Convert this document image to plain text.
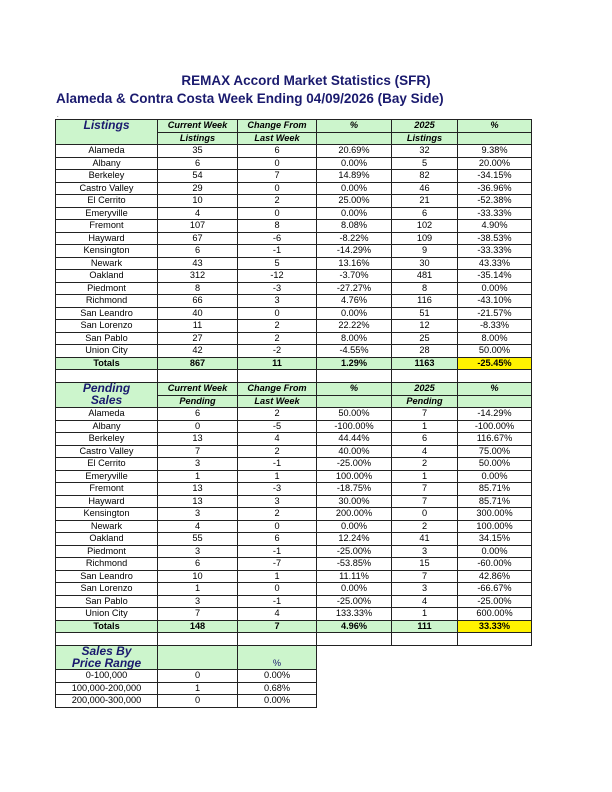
REMAX Accord Market Statistics (SFR)
Alameda & Contra Costa Week Ending 04/09/2026 (Bay Side)
.
Listings	Current Week	Change From	%	2025	%
	Listings	Last Week		Listings	
Alameda	35	6	20.69%	32	9.38%
Albany	6	0	0.00%	5	20.00%
Berkeley	54	7	14.89%	82	-34.15%
Castro Valley	29	0	0.00%	46	-36.96%
El Cerrito	10	2	25.00%	21	-52.38%
Emeryville	4	0	0.00%	6	-33.33%
Fremont	107	8	8.08%	102	4.90%
Hayward	67	-6	-8.22%	109	-38.53%
Kensington	6	-1	-14.29%	9	-33.33%
Newark	43	5	13.16%	30	43.33%
Oakland	312	-12	-3.70%	481	-35.14%
Piedmont	8	-3	-27.27%	8	0.00%
Richmond	66	3	4.76%	116	-43.10%
San Leandro	40	0	0.00%	51	-21.57%
San Lorenzo	11	2	22.22%	12	-8.33%
San Pablo	27	2	8.00%	25	8.00%
Union City	42	-2	-4.55%	28	50.00%
Totals	867	11	1.29%	1163	-25.45%

Pending	Current Week	Change From	%	2025	%
Sales	Pending	Last Week		Pending	
Alameda	6	2	50.00%	7	-14.29%
Albany	0	-5	-100.00%	1	-100.00%
Berkeley	13	4	44.44%	6	116.67%
Castro Valley	7	2	40.00%	4	75.00%
El Cerrito	3	-1	-25.00%	2	50.00%
Emeryville	1	1	100.00%	1	0.00%
Fremont	13	-3	-18.75%	7	85.71%
Hayward	13	3	30.00%	7	85.71%
Kensington	3	2	200.00%	0	300.00%
Newark	4	0	0.00%	2	100.00%
Oakland	55	6	12.24%	41	34.15%
Piedmont	3	-1	-25.00%	3	0.00%
Richmond	6	-7	-53.85%	15	-60.00%
San Leandro	10	1	11.11%	7	42.86%
San Lorenzo	1	0	0.00%	3	-66.67%
San Pablo	3	-1	-25.00%	4	-25.00%
Union City	7	4	133.33%	1	600.00%
Totals	148	7	4.96%	111	33.33%

Sales By		
Price Range		%
0-100,000	0	0.00%
100,000-200,000	1	0.68%
200,000-300,000	0	0.00%
